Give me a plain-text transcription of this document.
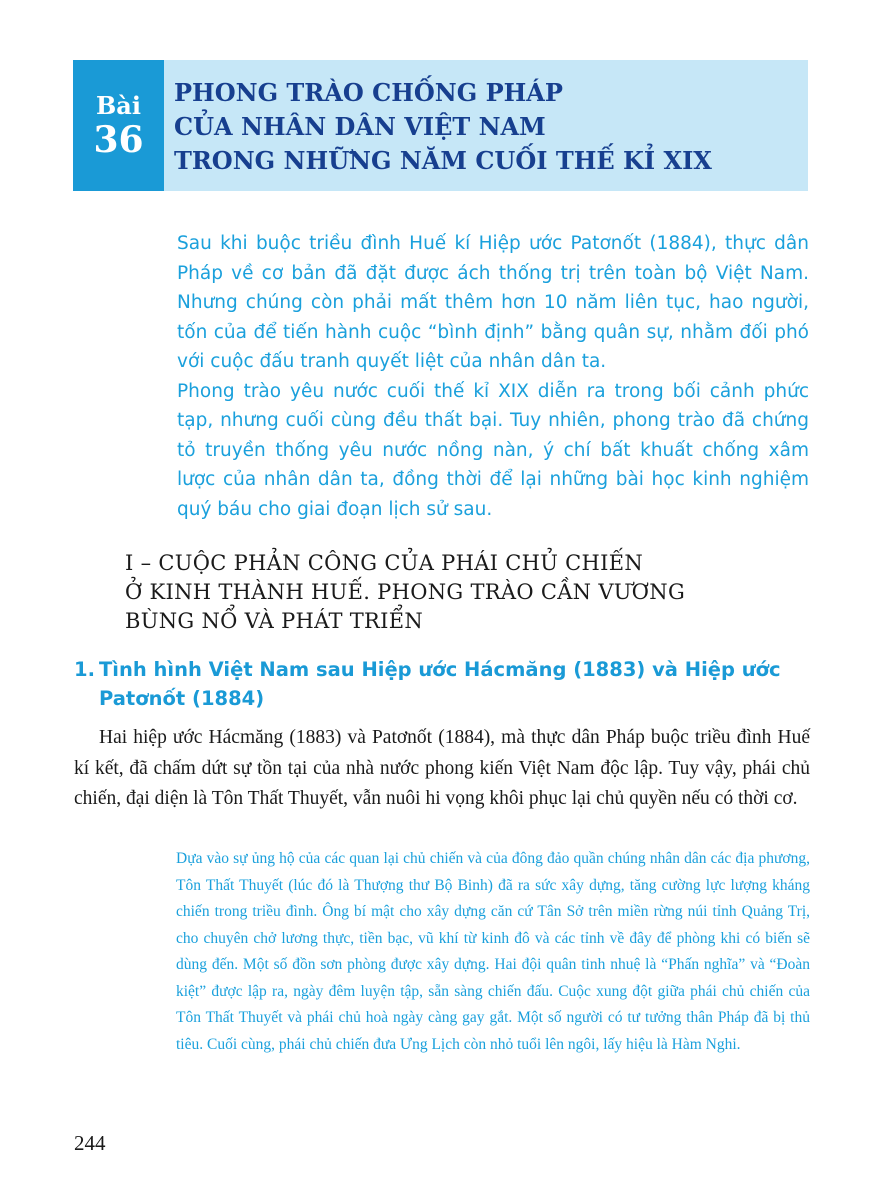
Bài
36
PHONG TRÀO CHỐNG PHÁP
CỦA NHÂN DÂN VIỆT NAM
TRONG NHỮNG NĂM CUỐI THẾ KỈ XIX

Sau khi buộc triều đình Huế kí Hiệp ước Patơnốt (1884), thực dân Pháp về cơ bản đã đặt được ách thống trị trên toàn bộ Việt Nam. Nhưng chúng còn phải mất thêm hơn 10 năm liên tục, hao người, tốn của để tiến hành cuộc “bình định” bằng quân sự, nhằm đối phó với cuộc đấu tranh quyết liệt của nhân dân ta.

Phong trào yêu nước cuối thế kỉ XIX diễn ra trong bối cảnh phức tạp, nhưng cuối cùng đều thất bại. Tuy nhiên, phong trào đã chứng tỏ truyền thống yêu nước nồng nàn, ý chí bất khuất chống xâm lược của nhân dân ta, đồng thời để lại những bài học kinh nghiệm quý báu cho giai đoạn lịch sử sau.

I – CUỘC PHẢN CÔNG CỦA PHÁI CHỦ CHIẾN
Ở KINH THÀNH HUẾ. PHONG TRÀO CẦN VƯƠNG
BÙNG NỔ VÀ PHÁT TRIỂN
1. Tình hình Việt Nam sau Hiệp ước Hácmăng (1883) và Hiệp ước
Patơnốt (1884)

Hai hiệp ước Hácmăng (1883) và Patơnốt (1884), mà thực dân Pháp buộc triều đình Huế kí kết, đã chấm dứt sự tồn tại của nhà nước phong kiến Việt Nam độc lập. Tuy vậy, phái chủ chiến, đại diện là Tôn Thất Thuyết, vẫn nuôi hi vọng khôi phục lại chủ quyền nếu có thời cơ.

Dựa vào sự ủng hộ của các quan lại chủ chiến và của đông đảo quần chúng nhân dân các địa phương, Tôn Thất Thuyết (lúc đó là Thượng thư Bộ Binh) đã ra sức xây dựng, tăng cường lực lượng kháng chiến trong triều đình. Ông bí mật cho xây dựng căn cứ Tân Sở trên miền rừng núi tỉnh Quảng Trị, cho chuyên chở lương thực, tiền bạc, vũ khí từ kinh đô và các tỉnh về đây để phòng khi có biến sẽ dùng đến. Một số đồn sơn phòng được xây dựng. Hai đội quân tinh nhuệ là “Phấn nghĩa” và “Đoàn kiệt” được lập ra, ngày đêm luyện tập, sẵn sàng chiến đấu. Cuộc xung đột giữa phái chủ chiến của Tôn Thất Thuyết và phái chủ hoà ngày càng gay gắt. Một số người có tư tưởng thân Pháp đã bị thủ tiêu. Cuối cùng, phái chủ chiến đưa Ưng Lịch còn nhỏ tuổi lên ngôi, lấy hiệu là Hàm Nghi.

244
